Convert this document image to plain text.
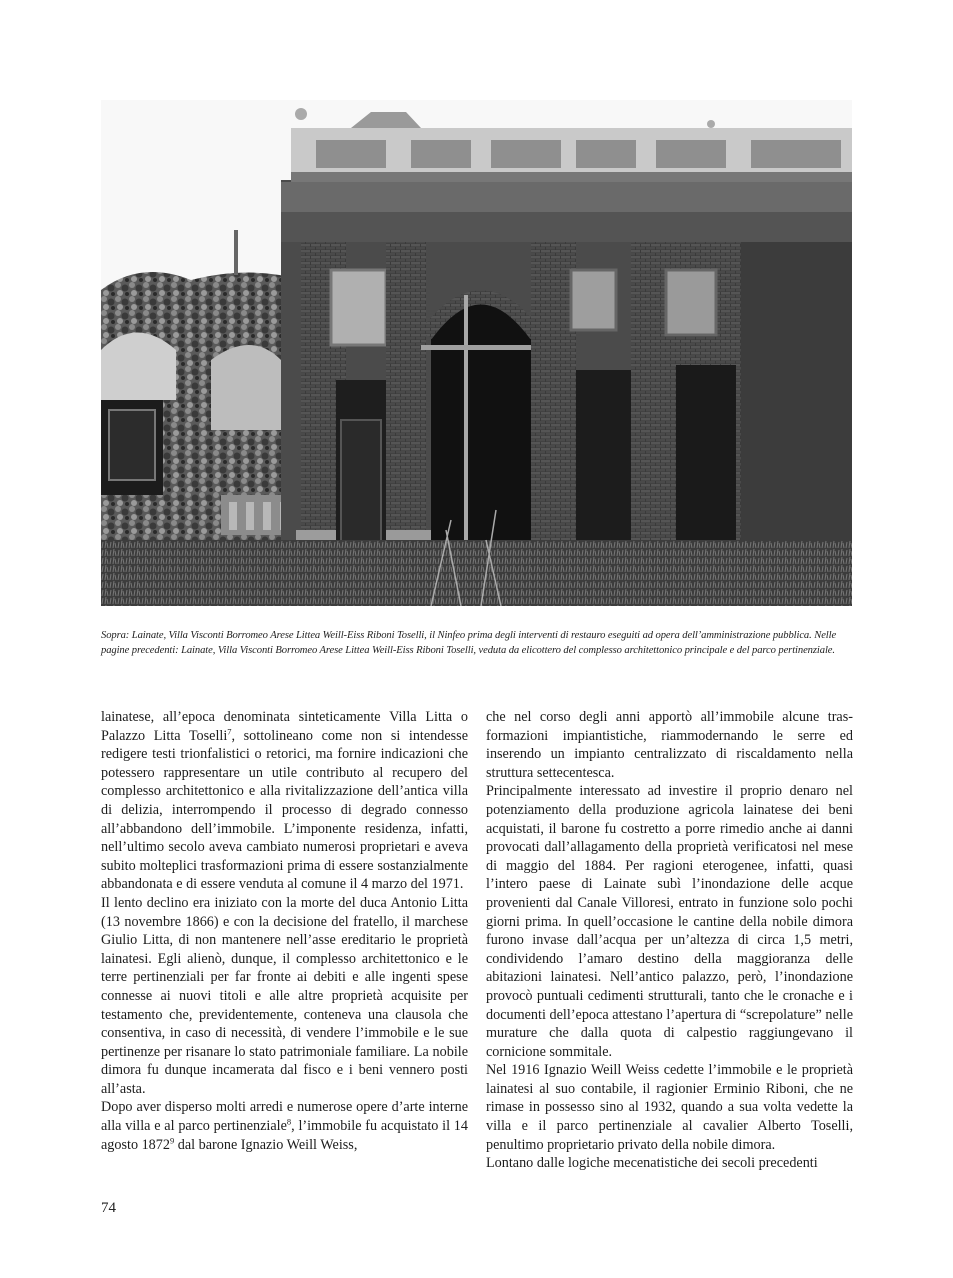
Sopra: Lainate, Villa Visconti Borromeo Arese Littea Weill-Eiss Riboni Toselli, il Ninfeo prima degli interventi di restauro eseguiti ad opera dell’amministrazione pubblica. Nelle pagine precedenti: Lainate, Villa Visconti Borromeo Arese Littea Weill-Eiss Riboni Toselli, veduta da elicottero del complesso architettonico principale e del parco pertinenziale.

lainatese, all’epoca denominata sinteticamente Villa Litta o Palazzo Litta Toselli$^7$, sottolineano come non si intendesse redigere testi trionfalistici o retorici, ma fornire indicazioni che potessero rappresentare un utile contributo al recupero del complesso architettonico e alla rivitalizzazione dell’antica villa di delizia, interrompendo il processo di degrado connesso all’abbandono dell’immobile. L’imponente residenza, infatti, nell’ultimo secolo aveva cambiato numerosi proprietari e aveva subito molteplici trasformazioni prima di essere sostanzialmente abbandonata e di essere venduta al comune il 4 marzo del 1971.

Il lento declino era iniziato con la morte del duca Antonio Litta (13 novembre 1866) e con la decisione del fratello, il marchese Giulio Litta, di non mantenere nell’asse ereditario le proprietà lainatesi. Egli alienò, dunque, il complesso architettonico e le terre pertinenziali per far fronte ai debiti e alle ingenti spese connesse ai nuovi titoli e alle altre proprietà acquisite per testamento che, previdentemente, conteneva una clausola che consentiva, in caso di necessità, di vendere l’immobile e le sue pertinenze per risanare lo stato patrimoniale familiare. La nobile dimora fu dunque incamerata dal fisco e i beni vennero posti all’asta.

Dopo aver disperso molti arredi e numerose opere d’arte interne alla villa e al parco pertinenziale$^8$, l’immobile fu acquistato il 14 agosto 1872$^9$ dal barone Ignazio Weill Weiss,

che nel corso degli anni apportò all’immobile alcune trasformazioni impiantistiche, riammodernando le serre ed inserendo un impianto centralizzato di riscaldamento nella struttura settecentesca.

Principalmente interessato ad investire il proprio denaro nel potenziamento della produzione agricola lainatese dei beni acquistati, il barone fu costretto a porre rimedio anche ai danni provocati dall’allagamento della proprietà verificatosi nel mese di maggio del 1884. Per ragioni eterogenee, infatti, quasi l’intero paese di Lainate subì l’inondazione delle acque provenienti dal Canale Villoresi, entrato in funzione solo pochi giorni prima. In quell’occasione le cantine della nobile dimora furono invase dall’acqua per un’altezza di circa 1,5 metri, condividendo l’amaro destino della maggioranza delle abitazioni lainatesi. Nell’antico palazzo, però, l’inondazione provocò puntuali cedimenti strutturali, tanto che le cronache e i documenti dell’epoca attestano l’apertura di “screpolature” nelle murature che dalla quota di calpestio raggiungevano il cornicione sommitale.

Nel 1916 Ignazio Weill Weiss cedette l’immobile e le proprietà lainatesi al suo contabile, il ragionier Erminio Riboni, che ne rimase in possesso sino al 1932, quando a sua volta vedette la villa e il parco pertinenziale al cavalier Alberto Toselli, penultimo proprietario privato della nobile dimora.

Lontano dalle logiche mecenatistiche dei secoli precedenti

74
